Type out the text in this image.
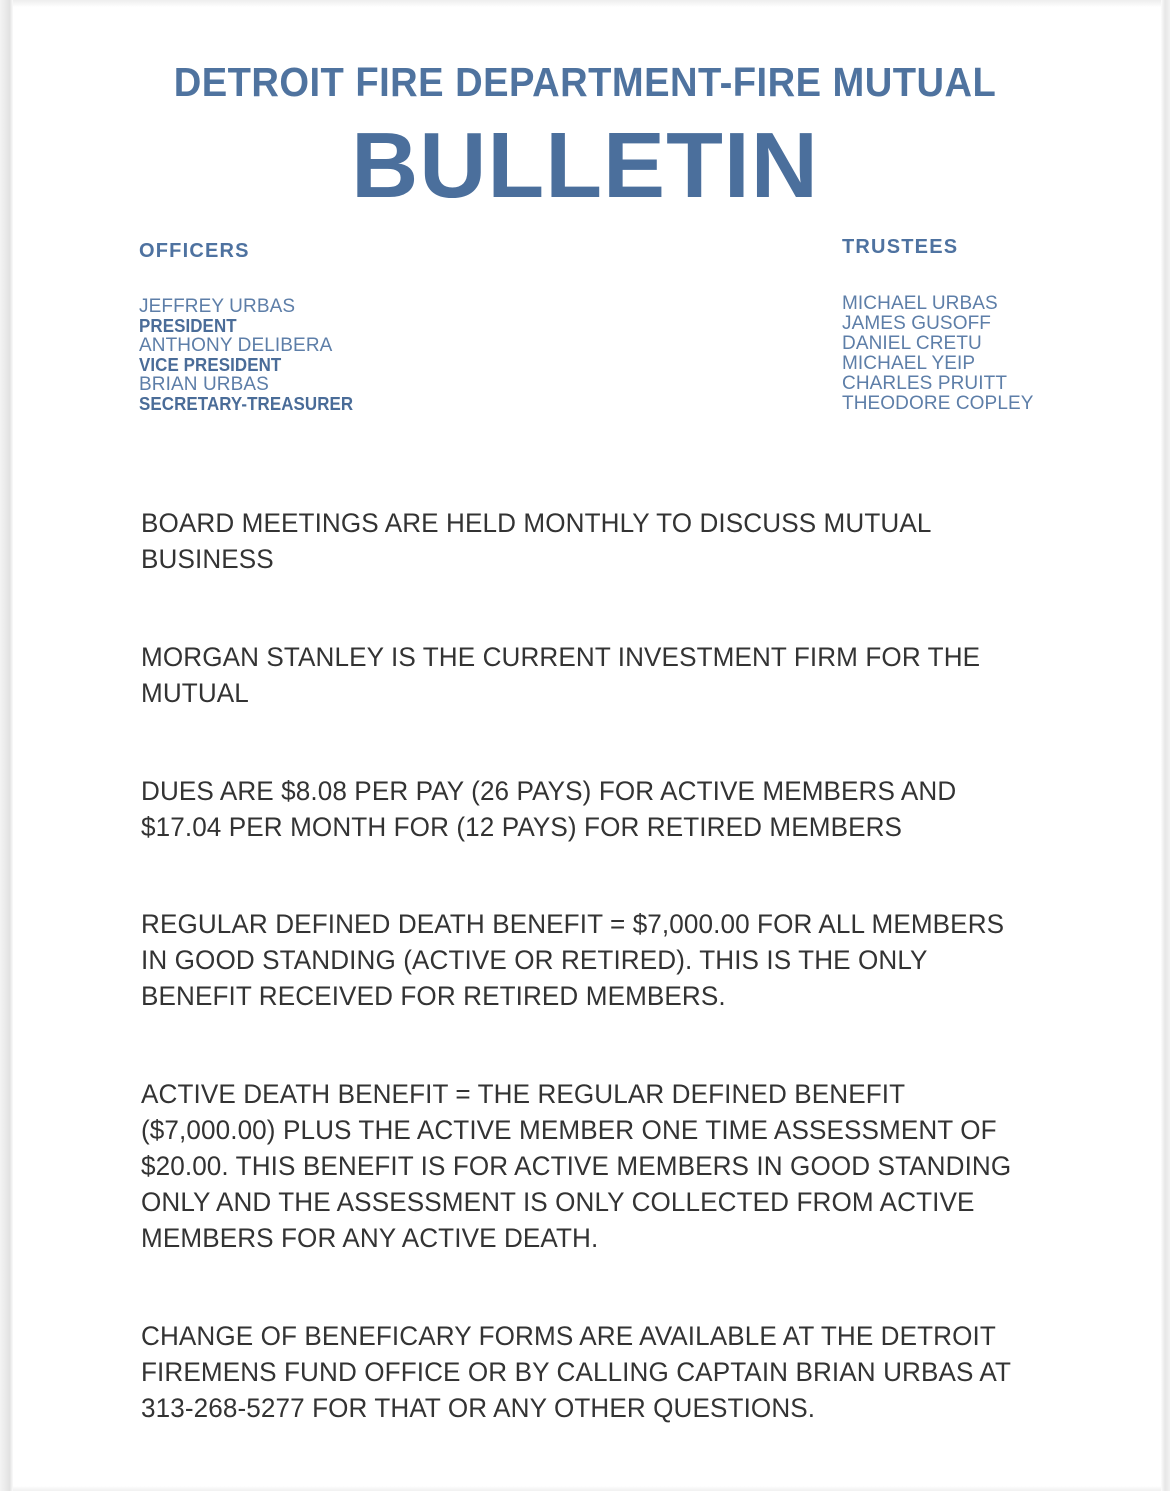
DETROIT FIRE DEPARTMENT-FIRE MUTUAL
BULLETIN
OFFICERS
JEFFREY URBAS
PRESIDENT
ANTHONY DELIBERA
VICE PRESIDENT
BRIAN URBAS
SECRETARY-TREASURER
TRUSTEES
MICHAEL URBAS
JAMES GUSOFF
DANIEL CRETU
MICHAEL YEIP
CHARLES PRUITT
THEODORE COPLEY

BOARD MEETINGS ARE HELD MONTHLY TO DISCUSS MUTUAL BUSINESS

MORGAN STANLEY IS THE CURRENT INVESTMENT FIRM FOR THE MUTUAL

DUES ARE $8.08 PER PAY (26 PAYS) FOR ACTIVE MEMBERS AND $17.04 PER MONTH FOR (12 PAYS) FOR RETIRED MEMBERS

REGULAR DEFINED DEATH BENEFIT = $7,000.00 FOR ALL MEMBERS IN GOOD STANDING (ACTIVE OR RETIRED). THIS IS THE ONLY BENEFIT RECEIVED FOR RETIRED MEMBERS.

ACTIVE DEATH BENEFIT = THE REGULAR DEFINED BENEFIT ($7,000.00) PLUS THE ACTIVE MEMBER ONE TIME ASSESSMENT OF $20.00. THIS BENEFIT IS FOR ACTIVE MEMBERS IN GOOD STANDING ONLY AND THE ASSESSMENT IS ONLY COLLECTED FROM ACTIVE MEMBERS FOR ANY ACTIVE DEATH.

CHANGE OF BENEFICARY FORMS ARE AVAILABLE AT THE DETROIT FIREMENS FUND OFFICE OR BY CALLING CAPTAIN BRIAN URBAS AT 313-268-5277 FOR THAT OR ANY OTHER QUESTIONS.
